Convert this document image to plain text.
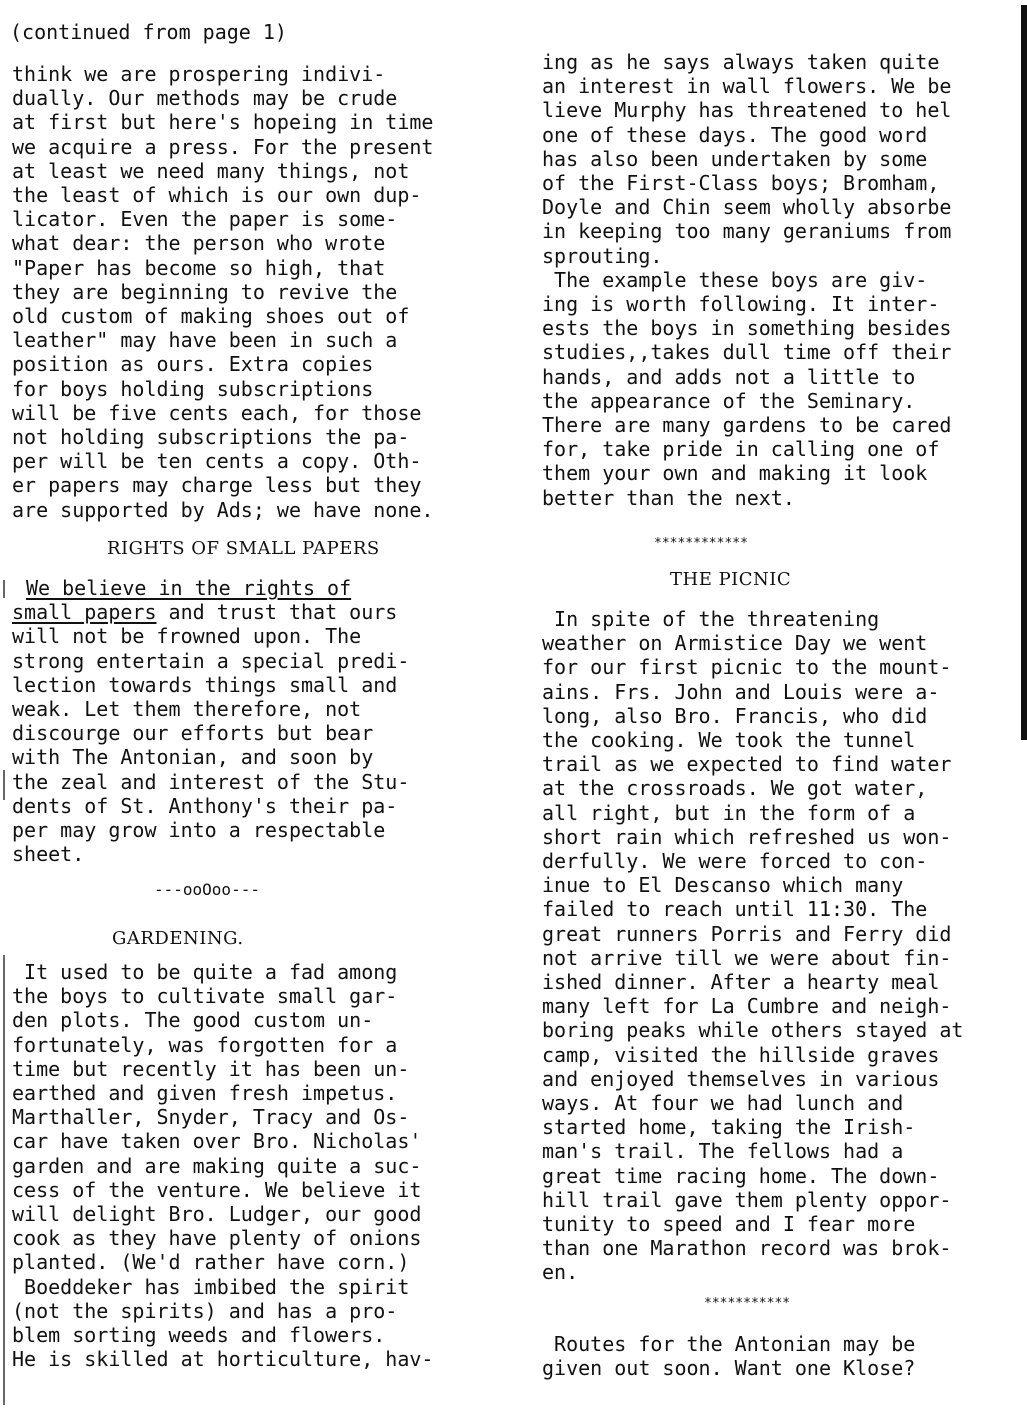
(continued from page 1)
think we are prospering indivi-
dually. Our methods may be crude
at first but here's hopeing in time
we acquire a press. For the present
at least we need many things, not
the least of which is our own dup-
licator. Even the paper is some-
what dear: the person who wrote
"Paper has become so high, that
they are beginning to revive the
old custom of making shoes out of
leather" may have been in such a
position as ours. Extra copies
for boys holding subscriptions
will be five cents each, for those
not holding subscriptions the pa-
per will be ten cents a copy. Oth-
er papers may charge less but they
are supported by Ads; we have none.
RIGHTS OF SMALL PAPERS
We believe in the rights of
small papers and trust that ours
will not be frowned upon. The
strong entertain a special predi-
lection towards things small and
weak. Let them therefore, not
discourge our efforts but bear
with The Antonian, and soon by
the zeal and interest of the Stu-
dents of St. Anthony's their pa-
per may grow into a respectable
sheet.
---ooOoo---
GARDENING.
It used to be quite a fad among
the boys to cultivate small gar-
den plots. The good custom un-
fortunately, was forgotten for a
time but recently it has been un-
earthed and given fresh impetus.
Marthaller, Snyder, Tracy and Os-
car have taken over Bro. Nicholas'
garden and are making quite a suc-
cess of the venture. We believe it
will delight Bro. Ludger, our good
cook as they have plenty of onions
planted. (We'd rather have corn.)
Boeddeker has imbibed the spirit
(not the spirits) and has a pro-
blem sorting weeds and flowers.
He is skilled at horticulture, hav-
ing as he says always taken quite
an interest in wall flowers. We be
lieve Murphy has threatened to hel
one of these days. The good word
has also been undertaken by some
of the First-Class boys; Bromham,
Doyle and Chin seem wholly absorbe
in keeping too many geraniums from
sprouting.
The example these boys are giv-
ing is worth following. It inter-
ests the boys in something besides
studies,,takes dull time off their
hands, and adds not a little to
the appearance of the Seminary.
There are many gardens to be cared
for, take pride in calling one of
them your own and making it look
better than the next.
************
THE PICNIC
In spite of the threatening
weather on Armistice Day we went
for our first picnic to the mount-
ains. Frs. John and Louis were a-
long, also Bro. Francis, who did
the cooking. We took the tunnel
trail as we expected to find water
at the crossroads. We got water,
all right, but in the form of a
short rain which refreshed us won-
derfully. We were forced to con-
inue to El Descanso which many
failed to reach until 11:30. The
great runners Porris and Ferry did
not arrive till we were about fin-
ished dinner. After a hearty meal
many left for La Cumbre and neigh-
boring peaks while others stayed at
camp, visited the hillside graves
and enjoyed themselves in various
ways. At four we had lunch and
started home, taking the Irish-
man's trail. The fellows had a
great time racing home. The down-
hill trail gave them plenty oppor-
tunity to speed and I fear more
than one Marathon record was brok-
en.
***********
Routes for the Antonian may be
given out soon. Want one Klose?
